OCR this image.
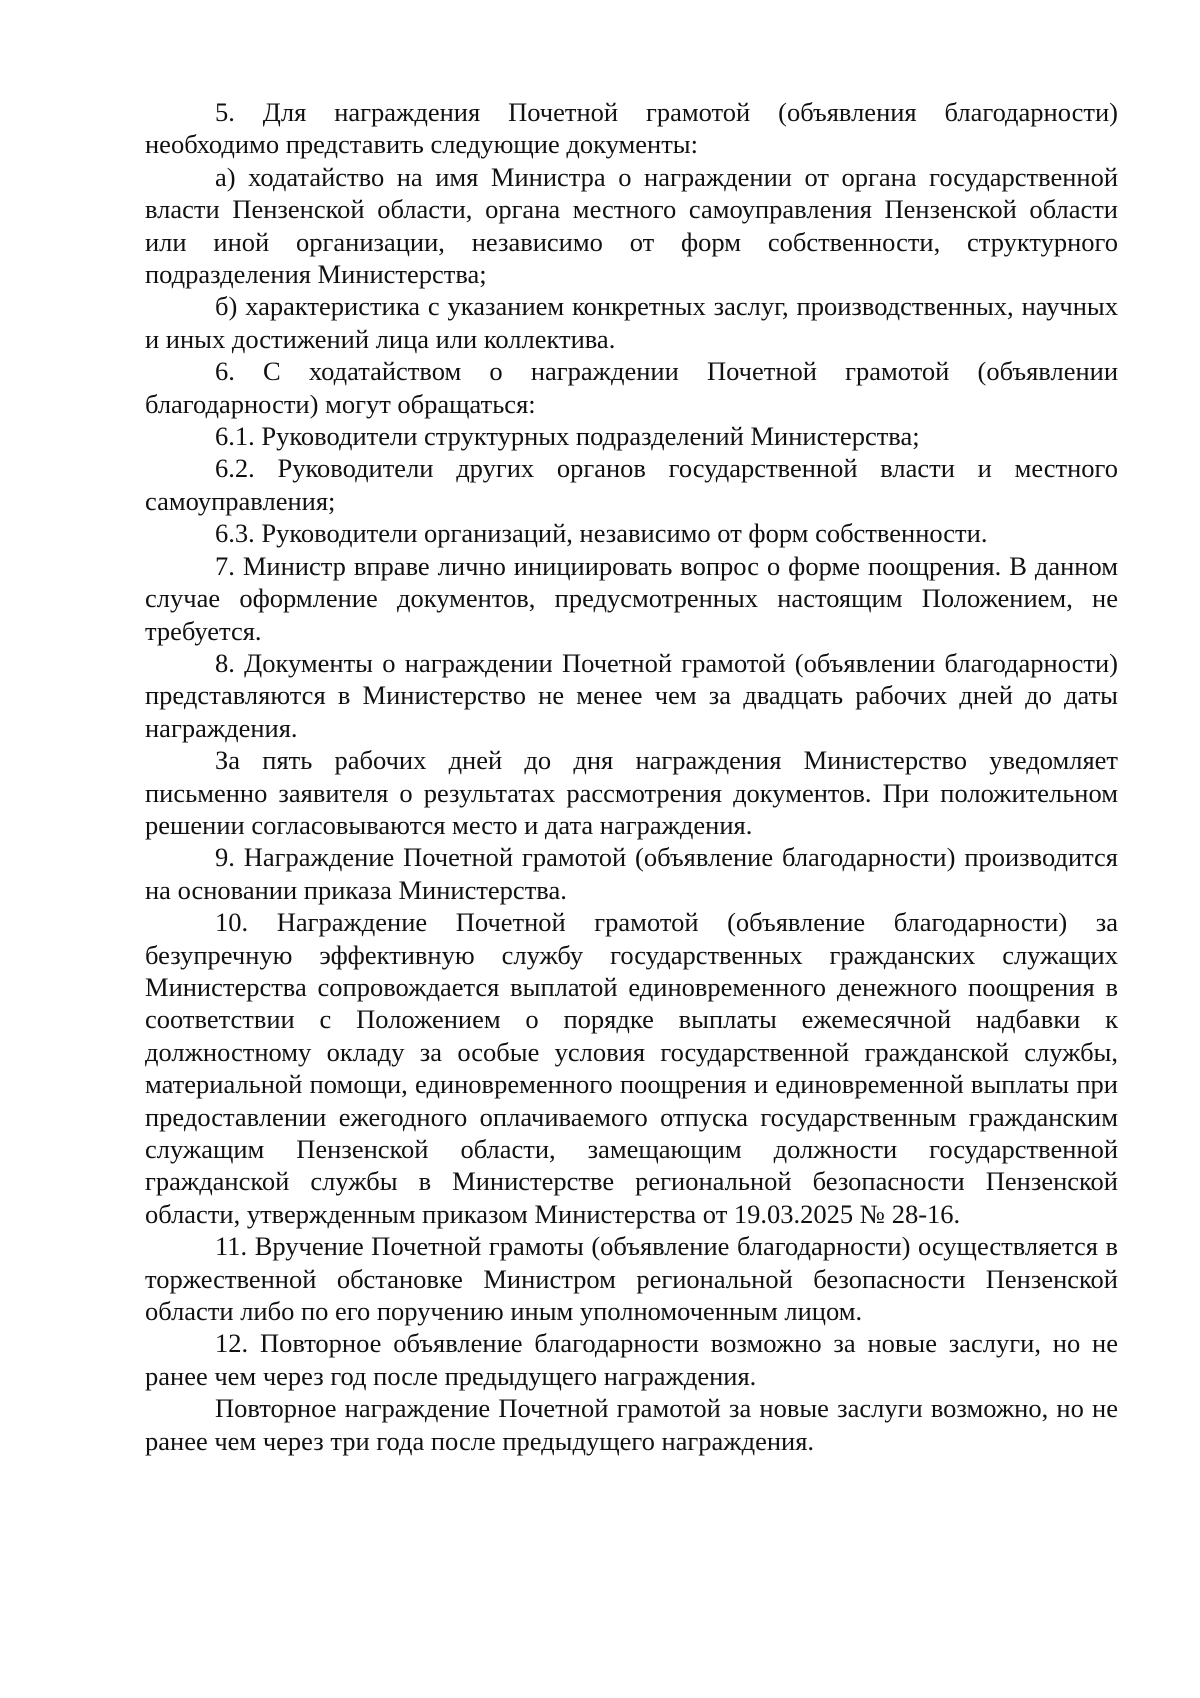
5. Для награждения Почетной грамотой (объявления благодарности) необходимо представить следующие документы:

а) ходатайство на имя Министра о награждении от органа государственной власти Пензенской области, органа местного самоуправления Пензенской области или иной организации, независимо от форм собственности, структурного подразделения Министерства;

б) характеристика с указанием конкретных заслуг, производственных, научных и иных достижений лица или коллектива.

6. С ходатайством о награждении Почетной грамотой (объявлении благодарности) могут обращаться:

6.1. Руководители структурных подразделений Министерства;

6.2. Руководители других органов государственной власти и местного самоуправления;

6.3. Руководители организаций, независимо от форм собственности.

7. Министр вправе лично инициировать вопрос о форме поощрения. В данном случае оформление документов, предусмотренных настоящим Положением, не требуется.

8. Документы о награждении Почетной грамотой (объявлении благодарности) представляются в Министерство не менее чем за двадцать рабочих дней до даты награждения.

За пять рабочих дней до дня награждения Министерство уведомляет письменно заявителя о результатах рассмотрения документов. При положительном решении согласовываются место и дата награждения.

9. Награждение Почетной грамотой (объявление благодарности) производится на основании приказа Министерства.

10. Награждение Почетной грамотой (объявление благодарности) за безупречную эффективную службу государственных гражданских служащих Министерства сопровождается выплатой единовременного денежного поощрения в соответствии с Положением о порядке выплаты ежемесячной надбавки к должностному окладу за особые условия государственной гражданской службы, материальной помощи, единовременного поощрения и единовременной выплаты при предоставлении ежегодного оплачиваемого отпуска государственным гражданским служащим Пензенской области, замещающим должности государственной гражданской службы в Министерстве региональной безопасности Пензенской области, утвержденным приказом Министерства от 19.03.2025 № 28-16.

11. Вручение Почетной грамоты (объявление благодарности) осуществляется в торжественной обстановке Министром региональной безопасности Пензенской области либо по его поручению иным уполномоченным лицом.

12. Повторное объявление благодарности возможно за новые заслуги, но не ранее чем через год после предыдущего награждения.

Повторное награждение Почетной грамотой за новые заслуги возможно, но не ранее чем через три года после предыдущего награждения.
